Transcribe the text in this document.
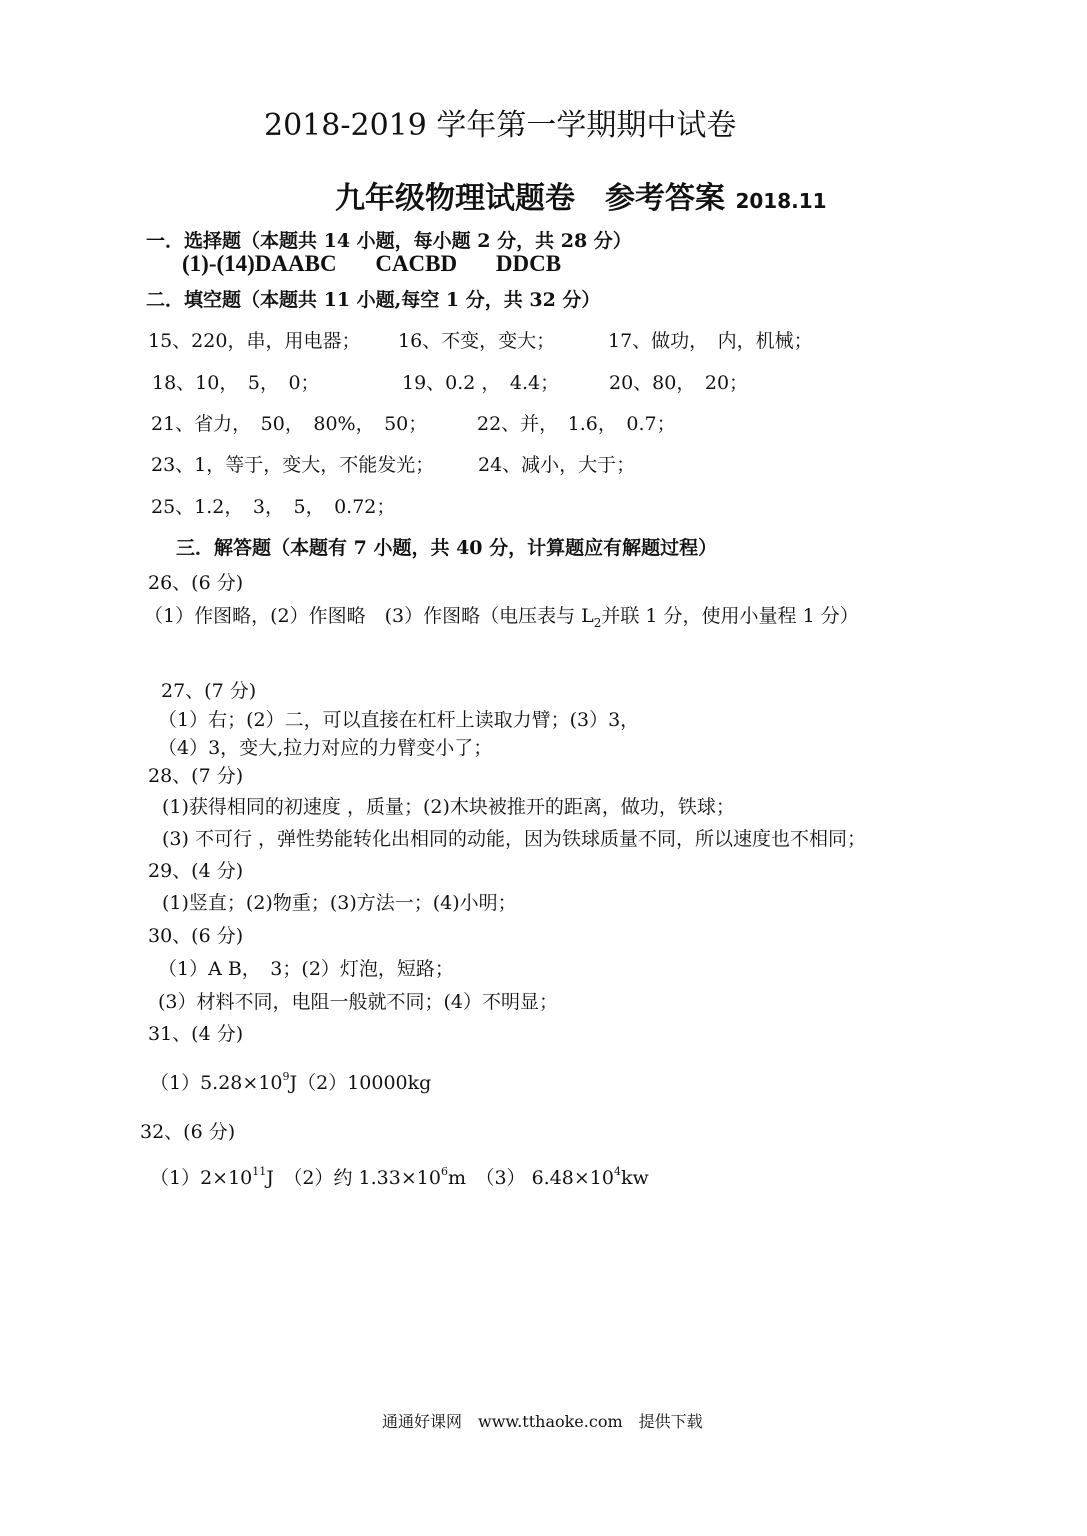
2018-2019 学年第一学期期中试卷
九年级物理试题卷　参考答案 2018.11
一．选择题（本题共 14 小题，每小题 2 分，共 28 分）
(1)-(14)DAABC CACBD DDCB
二．填空题（本题共 11 小题,每空 1 分，共 32 分）
15、220，串，用电器； 16、不变，变大；	17、做功，　内，机械；
18、10，　5，　0；	19、0.2 ，　4.4；	20、80，　20；
21、省力，　50，　80%，　50；	22、并，　1.6，　0.7；
23、1，等于，变大，不能发光； 24、减小，大于；
25、1.2，　3，　5，　0.72；
三．解答题（本题有 7 小题，共 40 分，计算题应有解题过程）
26、(6 分)
（1）作图略，(2）作图略　(3）作图略（电压表与 $L_2$并联 1 分，使用小量程 1 分）
27、(7 分)
（1）右；(2）二，可以直接在杠杆上读取力臂；(3）3，
（4）3，变大,拉力对应的力臂变小了；
28、(7 分)
(1)获得相同的初速度 ，质量；(2)木块被推开的距离，做功，铁球；
(3) 不可行 ，弹性势能转化出相同的动能，因为铁球质量不同，所以速度也不相同；
29、(4 分)
(1)竖直；(2)物重；(3)方法一；(4)小明；
30、(6 分)
（1）A B，　3；(2）灯泡，短路；
(3）材料不同，电阻一般就不同；(4）不明显；
31、(4 分)
$(1)5.28\times 10^9J(2)10000kg$
32、(6 分)
$(1)2\times 10^{11}J$　（2）约 $1.33\times 10^6m$　（3） $6.48\times 10^4kw$
通通好课网　www.tthaoke.com　提供下载
